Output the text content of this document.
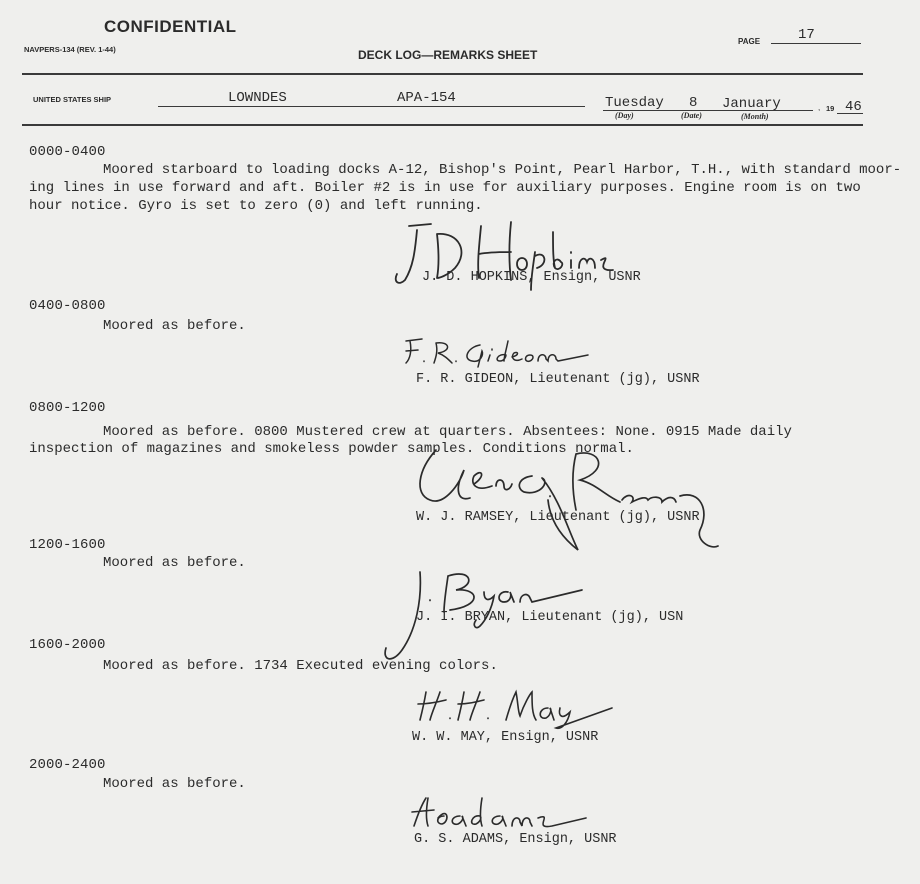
CONFIDENTIAL
NAVPERS-134 (REV. 1-44)	DECK LOG—REMARKS SHEET
PAGE	17
UNITED STATES SHIP	LOWNDES	APA-154	Tuesday 8 January
(Day)	(Date)	(Month)
, 19 46
0000-0400
Moored starboard to loading docks A-12, Bishop's Point, Pearl Harbor, T.H., with standard moor-
ing lines in use forward and aft. Boiler #2 is in use for auxiliary purposes. Engine room is on two
hour notice. Gyro is set to zero (0) and left running.
J. D. HOPKINS, Ensign, USNR
0400-0800
Moored as before.
F. R. GIDEON, Lieutenant (jg), USNR
0800-1200
Moored as before. 0800 Mustered crew at quarters. Absentees: None. 0915 Made daily
inspection of magazines and smokeless powder samples. Conditions normal.
W. J. RAMSEY, Lieutenant (jg), USNR
1200-1600
Moored as before.
J. I. BRYAN, Lieutenant (jg), USN
1600-2000
Moored as before. 1734 Executed evening colors.
W. W. MAY, Ensign, USNR
2000-2400
Moored as before.
G. S. ADAMS, Ensign, USNR
